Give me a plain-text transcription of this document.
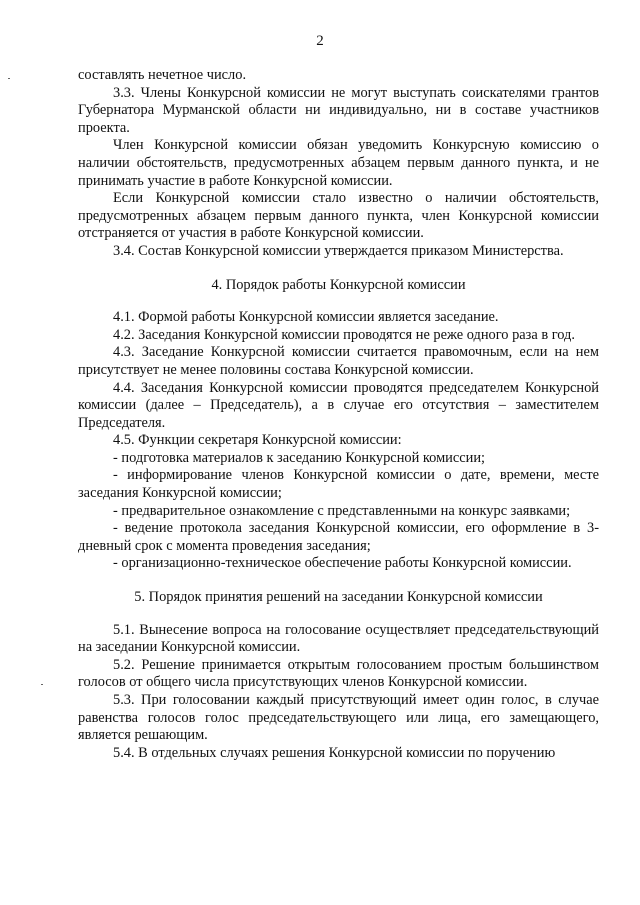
2

составлять нечетное число.

3.3. Члены Конкурсной комиссии не могут выступать соискателями грантов Губернатора Мурманской области ни индивидуально, ни в составе участников проекта.

Член Конкурсной комиссии обязан уведомить Конкурсную комиссию о наличии обстоятельств, предусмотренных абзацем первым данного пункта, и не принимать участие в работе Конкурсной комиссии.

Если Конкурсной комиссии стало известно о наличии обстоятельств, предусмотренных абзацем первым данного пункта, член Конкурсной комиссии отстраняется от участия в работе Конкурсной комиссии.

3.4. Состав Конкурсной комиссии утверждается приказом Министерства.

4. Порядок работы Конкурсной комиссии

4.1. Формой работы Конкурсной комиссии является заседание.

4.2. Заседания Конкурсной комиссии проводятся не реже одного раза в год.

4.3. Заседание Конкурсной комиссии считается правомочным, если на нем присутствует не менее половины состава Конкурсной комиссии.

4.4. Заседания Конкурсной комиссии проводятся председателем Конкурсной комиссии (далее – Председатель), а в случае его отсутствия – заместителем Председателя.

4.5. Функции секретаря Конкурсной комиссии:

- подготовка материалов к заседанию Конкурсной комиссии;

- информирование членов Конкурсной комиссии о дате, времени, месте заседания Конкурсной комиссии;

- предварительное ознакомление с представленными на конкурс заявками;

- ведение протокола заседания Конкурсной комиссии, его оформление в 3-дневный срок с момента проведения заседания;

- организационно-техническое обеспечение работы Конкурсной комиссии.

5. Порядок принятия решений на заседании Конкурсной комиссии

5.1. Вынесение вопроса на голосование осуществляет председательствующий на заседании Конкурсной комиссии.

5.2. Решение принимается открытым голосованием простым большинством голосов от общего числа присутствующих членов Конкурсной комиссии.

5.3. При голосовании каждый присутствующий имеет один голос, в случае равенства голосов голос председательствующего или лица, его замещающего, является решающим.

5.4. В отдельных случаях решения Конкурсной комиссии по поручению
